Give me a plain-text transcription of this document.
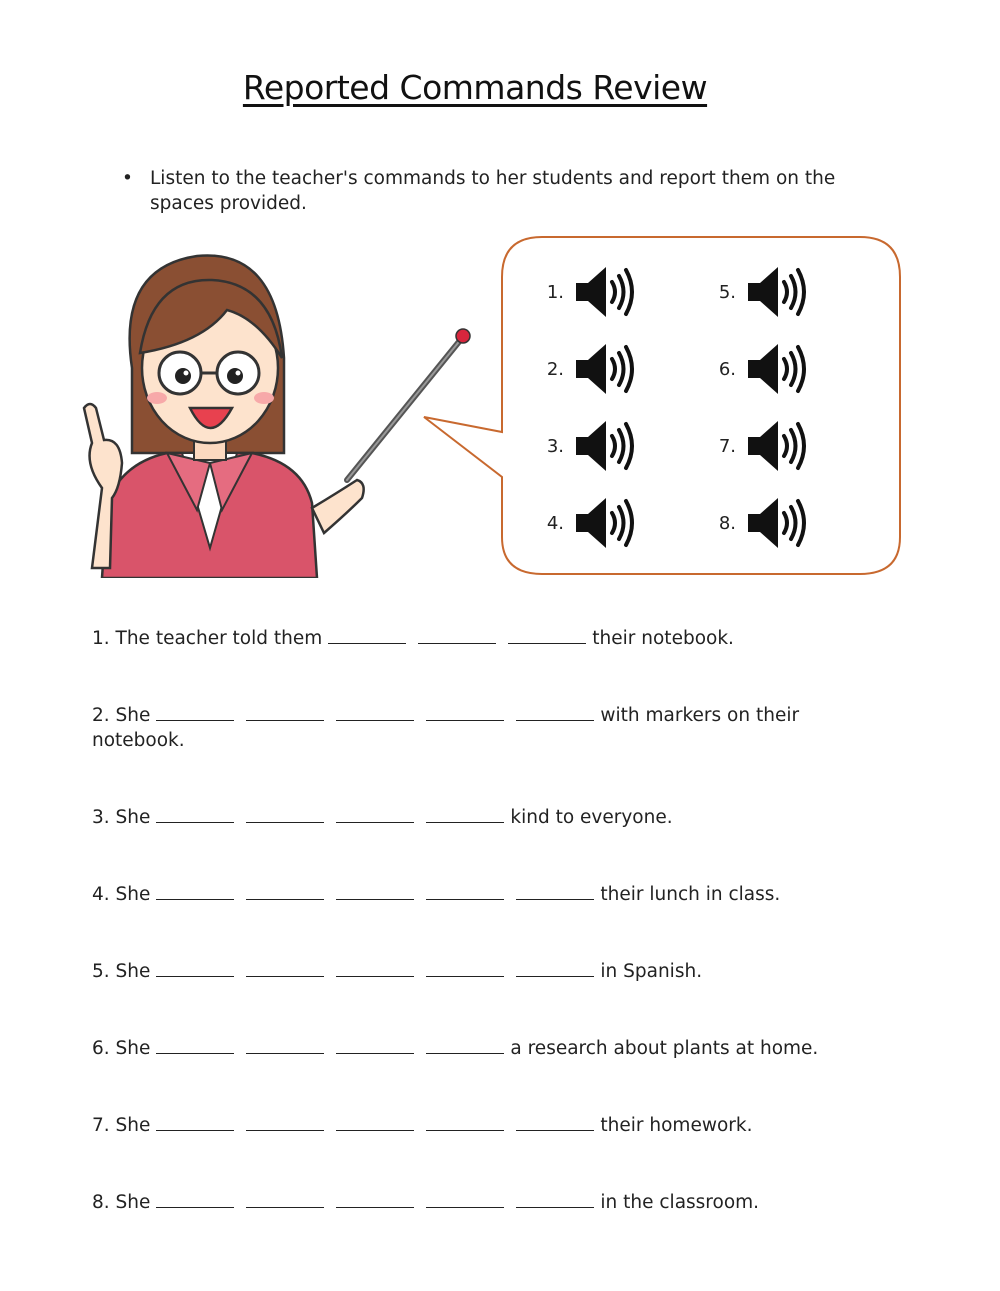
Reported Commands Review
• Listen to the teacher's commands to her students and report them on the spaces provided.
1.
2.
3.
4.
5.
6.
7.
8.
1. The teacher told them	their notebook.
2. She	with markers on their
notebook.
3. She	kind to everyone.
4. She	their lunch in class.
5. She	in Spanish.
6. She	a research about plants at home.
7. She	their homework.
8. She	in the classroom.
